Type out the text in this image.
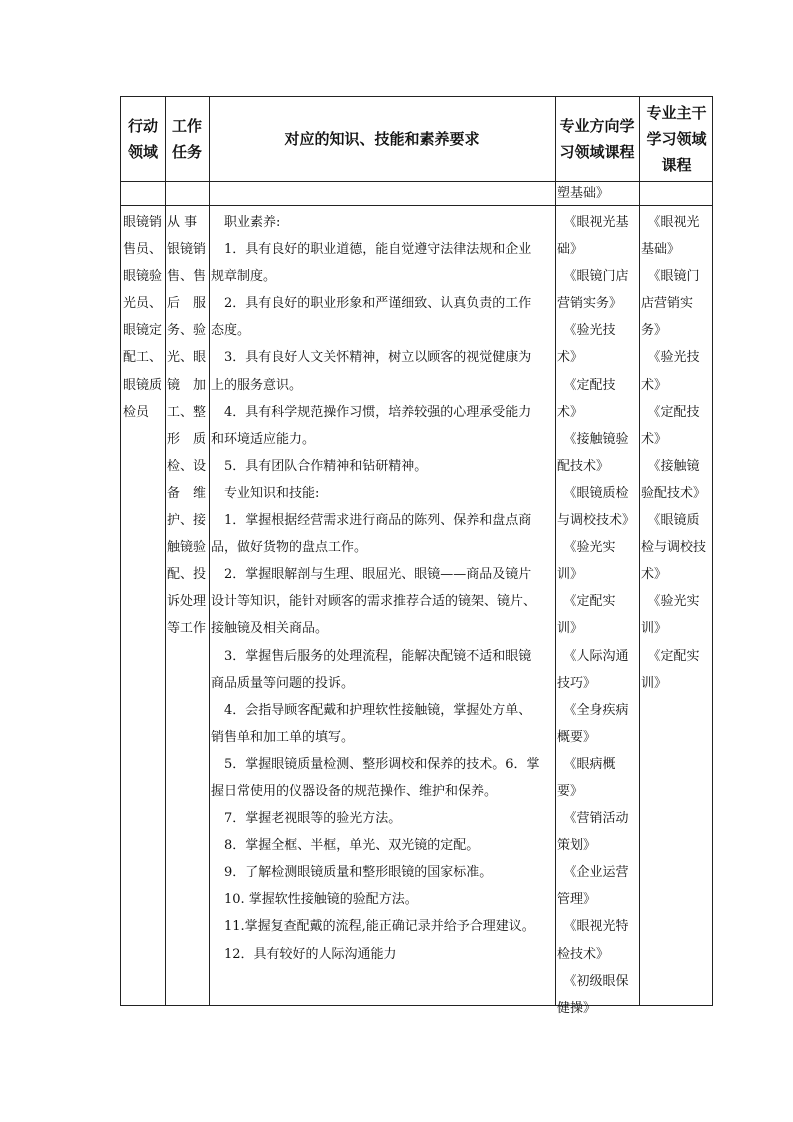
行动
领域
工作
任务
对应的知识、技能和素养要求
专业方向学
习领域课程
专业主干
学习领域
课程
塑基础》
眼镜销
售员、
眼镜验
光员、
眼镜定
配工、
眼镜质
检员
从 事
银镜销
售、售
后　服
务、验
光、眼
镜　加
工、整
形　质
检、设
备　维
护、接
触镜验
配、投
诉处理
等工作
　职业素养:
　1．具有良好的职业道德，能自觉遵守法律法规和企业
规章制度。
　2．具有良好的职业形象和严谨细致、认真负责的工作
态度。
　3．具有良好人文关怀精神，树立以顾客的视觉健康为
上的服务意识。
　4．具有科学规范操作习惯，培养较强的心理承受能力
和环境适应能力。
　5．具有团队合作精神和钻研精神。
　专业知识和技能:
　1．掌握根据经营需求进行商品的陈列、保养和盘点商
品，做好货物的盘点工作。
　2．掌握眼解剖与生理、眼屈光、眼镜——商品及镜片
设计等知识，能针对顾客的需求推荐合适的镜架、镜片、
接触镜及相关商品。
　3．掌握售后服务的处理流程，能解决配镜不适和眼镜
商品质量等问题的投诉。
　4．会指导顾客配戴和护理软性接触镜，掌握处方单、
销售单和加工单的填写。
　5．掌握眼镜质量检测、整形调校和保养的技术。6．掌
握日常使用的仪器设备的规范操作、维护和保养。
　7．掌握老视眼等的验光方法。
　8．掌握全框、半框，单光、双光镜的定配。
　9．了解检测眼镜质量和整形眼镜的国家标准。
　10. 掌握软性接触镜的验配方法。
　11.掌握复查配戴的流程,能正确记录并给予合理建议。
　12．具有较好的人际沟通能力
　《眼视光基
础》
　《眼镜门店
营销实务》
　《验光技
术》
　《定配技
术》
　《接触镜验
配技术》
　《眼镜质检
与调校技术》
　《验光实
训》
　《定配实
训》
　《人际沟通
技巧》
　《全身疾病
概要》
　《眼病概
要》
　《营销活动
策划》
　《企业运营
管理》
　《眼视光特
检技术》
　《初级眼保
健操》
　《眼视光
基础》
　《眼镜门
店营销实
务》
　《验光技
术》
　《定配技
术》
　《接触镜
验配技术》
　《眼镜质
检与调校技
术》
　《验光实
训》
　《定配实
训》
